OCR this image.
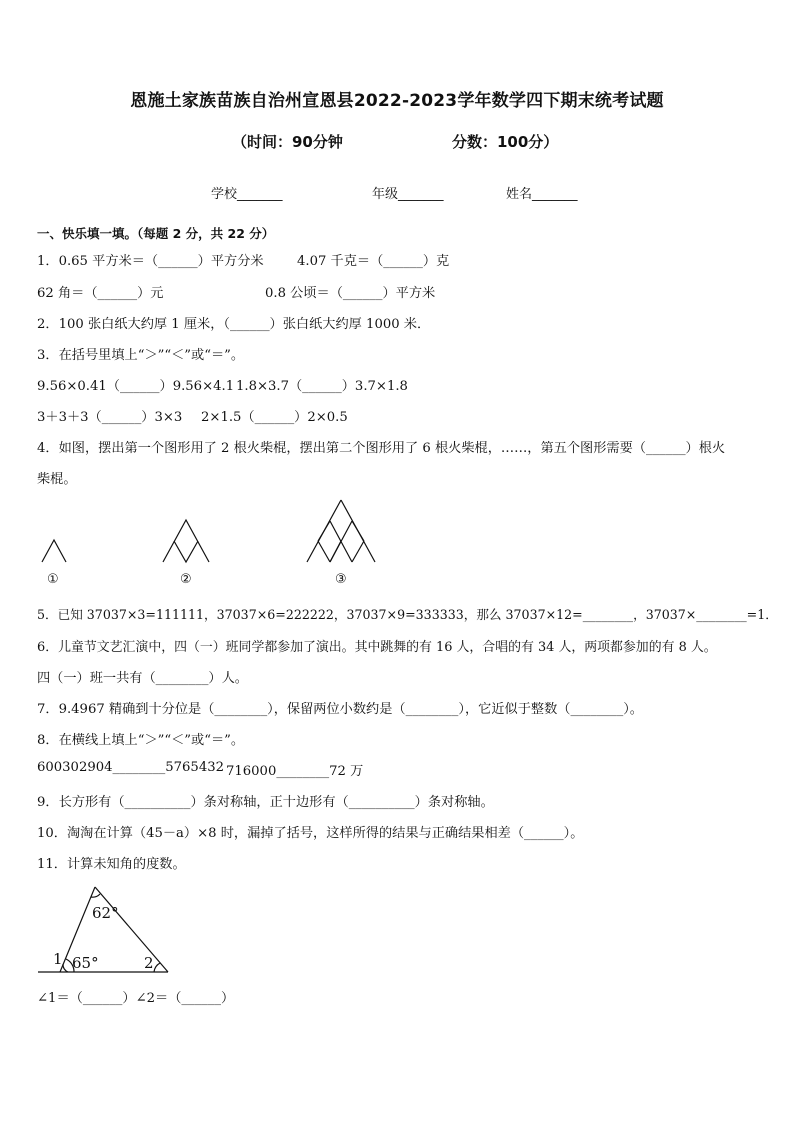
恩施土家族苗族自治州宣恩县2022-2023学年数学四下期末统考试题
（时间：90分钟	分数：100分）
学校_______	年级_______	姓名_______
一、快乐填一填。（每题 2 分，共 22 分）
1．0.65 平方米＝（______）平方分米	4.07 千克＝（______）克
62 角＝（______）元	0.8 公顷＝（______）平方米
2．100 张白纸大约厚 1 厘米，（______）张白纸大约厚 1000 米．
3．在括号里填上“＞”“＜”或“＝”。
9.56×0.41（______）9.56×4.1 1.8×3.7（______）3.7×1.8
3＋3＋3（______）3×3 2×1.5（______）2×0.5
4．如图，摆出第一个图形用了 2 根火柴棍，摆出第二个图形用了 6 根火柴棍，……，第五个图形需要（______）根火
柴棍。
①	②	③
5．已知 37037×3=111111，37037×6=222222，37037×9=333333，那么 37037×12=________，37037×________=1．
6．儿童节文艺汇演中，四（一）班同学都参加了演出。其中跳舞的有 16 人，合唱的有 34 人，两项都参加的有 8 人。
四（一）班一共有（________）人。
7．9.4967 精确到十分位是（________），保留两位小数约是（________），它近似于整数（________）。
8．在横线上填上“＞”“＜”或“＝”。
600302904________5765432 716000________72 万
9．长方形有（__________）条对称轴，正十边形有（__________）条对称轴。
10．淘淘在计算（45－a）×8 时，漏掉了括号，这样所得的结果与正确结果相差（______）。
11．计算未知角的度数。
62°
65°
1	2
∠1＝（______）∠2＝（______）
